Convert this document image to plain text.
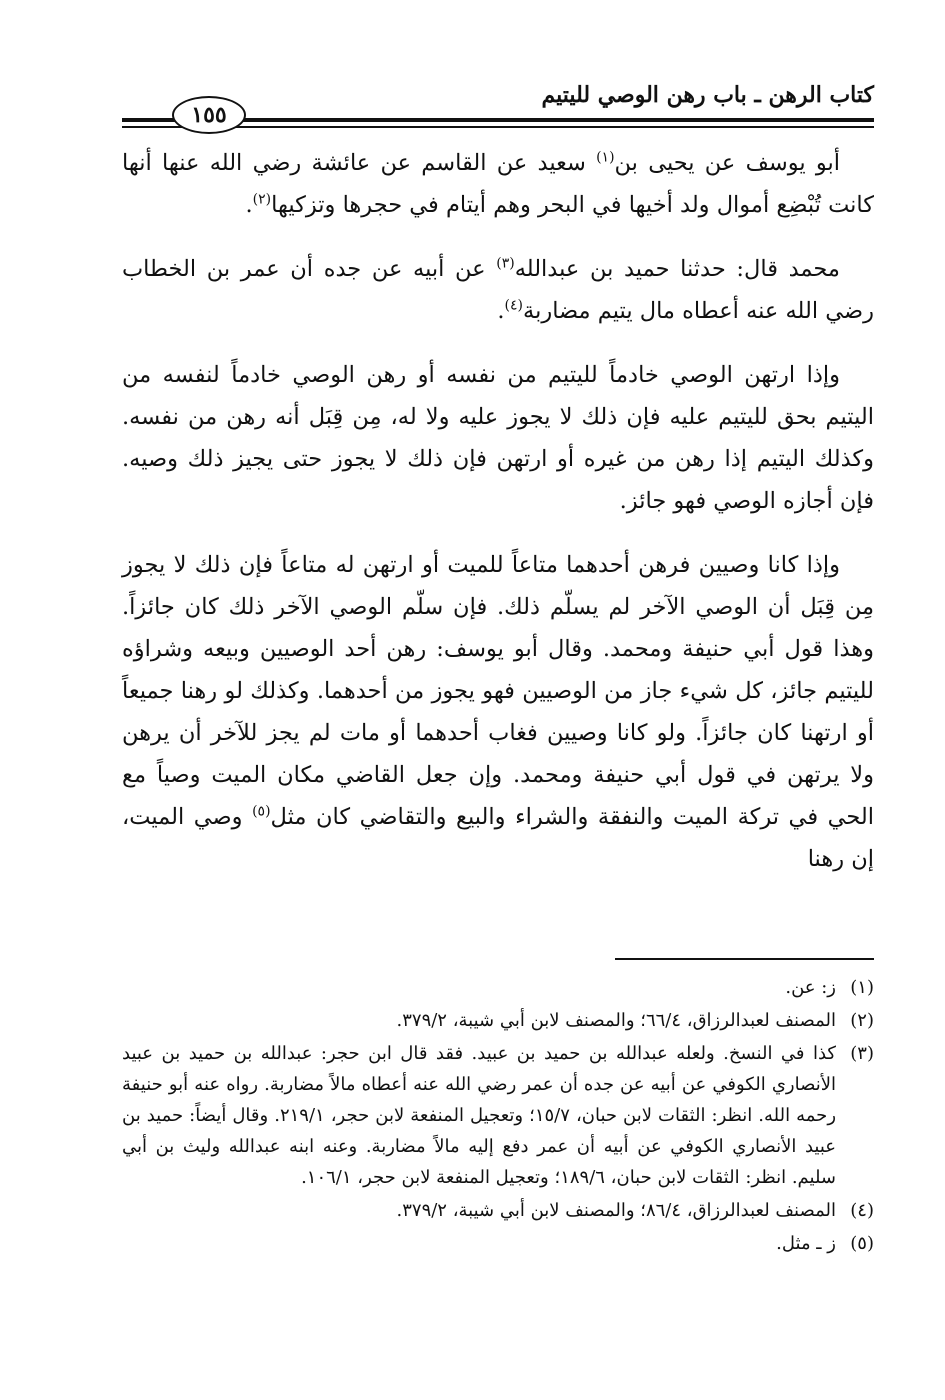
كتاب الرهن ـ باب رهن الوصي لليتيم
١٥٥

أبو يوسف عن يحيى بن$^{(١)}$ سعيد عن القاسم عن عائشة رضي الله عنها أنها كانت تُبْضِع أموال ولد أخيها في البحر وهم أيتام في حجرها وتزكيها$^{(٢)}$.

محمد قال: حدثنا حميد بن عبدالله$^{(٣)}$ عن أبيه عن جده أن عمر بن الخطاب رضي الله عنه أعطاه مال يتيم مضاربة$^{(٤)}$.

وإذا ارتهن الوصي خادماً لليتيم من نفسه أو رهن الوصي خادماً لنفسه من اليتيم بحق لليتيم عليه فإن ذلك لا يجوز عليه ولا له، مِن قِبَل أنه رهن من نفسه. وكذلك اليتيم إذا رهن من غيره أو ارتهن فإن ذلك لا يجوز حتى يجيز ذلك وصيه. فإن أجازه الوصي فهو جائز.

وإذا كانا وصيين فرهن أحدهما متاعاً للميت أو ارتهن له متاعاً فإن ذلك لا يجوز مِن قِبَل أن الوصي الآخر لم يسلّم ذلك. فإن سلّم الوصي الآخر ذلك كان جائزاً. وهذا قول أبي حنيفة ومحمد. وقال أبو يوسف: رهن أحد الوصيين وبيعه وشراؤه لليتيم جائز، كل شيء جاز من الوصيين فهو يجوز من أحدهما. وكذلك لو رهنا جميعاً أو ارتهنا كان جائزاً. ولو كانا وصيين فغاب أحدهما أو مات لم يجز للآخر أن يرهن ولا يرتهن في قول أبي حنيفة ومحمد. وإن جعل القاضي مكان الميت وصياً مع الحي في تركة الميت والنفقة والشراء والبيع والتقاضي كان مثل$^{(٥)}$ وصي الميت، إن رهنا

(١)
ز: عن.
(٢)
المصنف لعبدالرزاق، ٦٦/٤؛ والمصنف لابن أبي شيبة، ٣٧٩/٢.
(٣)
كذا في النسخ. ولعله عبدالله بن حميد بن عبيد. فقد قال ابن حجر: عبدالله بن حميد بن عبيد الأنصاري الكوفي عن أبيه عن جده أن عمر رضي الله عنه أعطاه مالاً مضاربة. رواه عنه أبو حنيفة رحمه الله. انظر: الثقات لابن حبان، ١٥/٧؛ وتعجيل المنفعة لابن حجر، ٢١٩/١. وقال أيضاً: حميد بن عبيد الأنصاري الكوفي عن أبيه أن عمر دفع إليه مالاً مضاربة. وعنه ابنه عبدالله وليث بن أبي سليم. انظر: الثقات لابن حبان، ١٨٩/٦؛ وتعجيل المنفعة لابن حجر، ١٠٦/١.
(٤)
المصنف لعبدالرزاق، ٨٦/٤؛ والمصنف لابن أبي شيبة، ٣٧٩/٢.
(٥)
ز ـ مثل.
